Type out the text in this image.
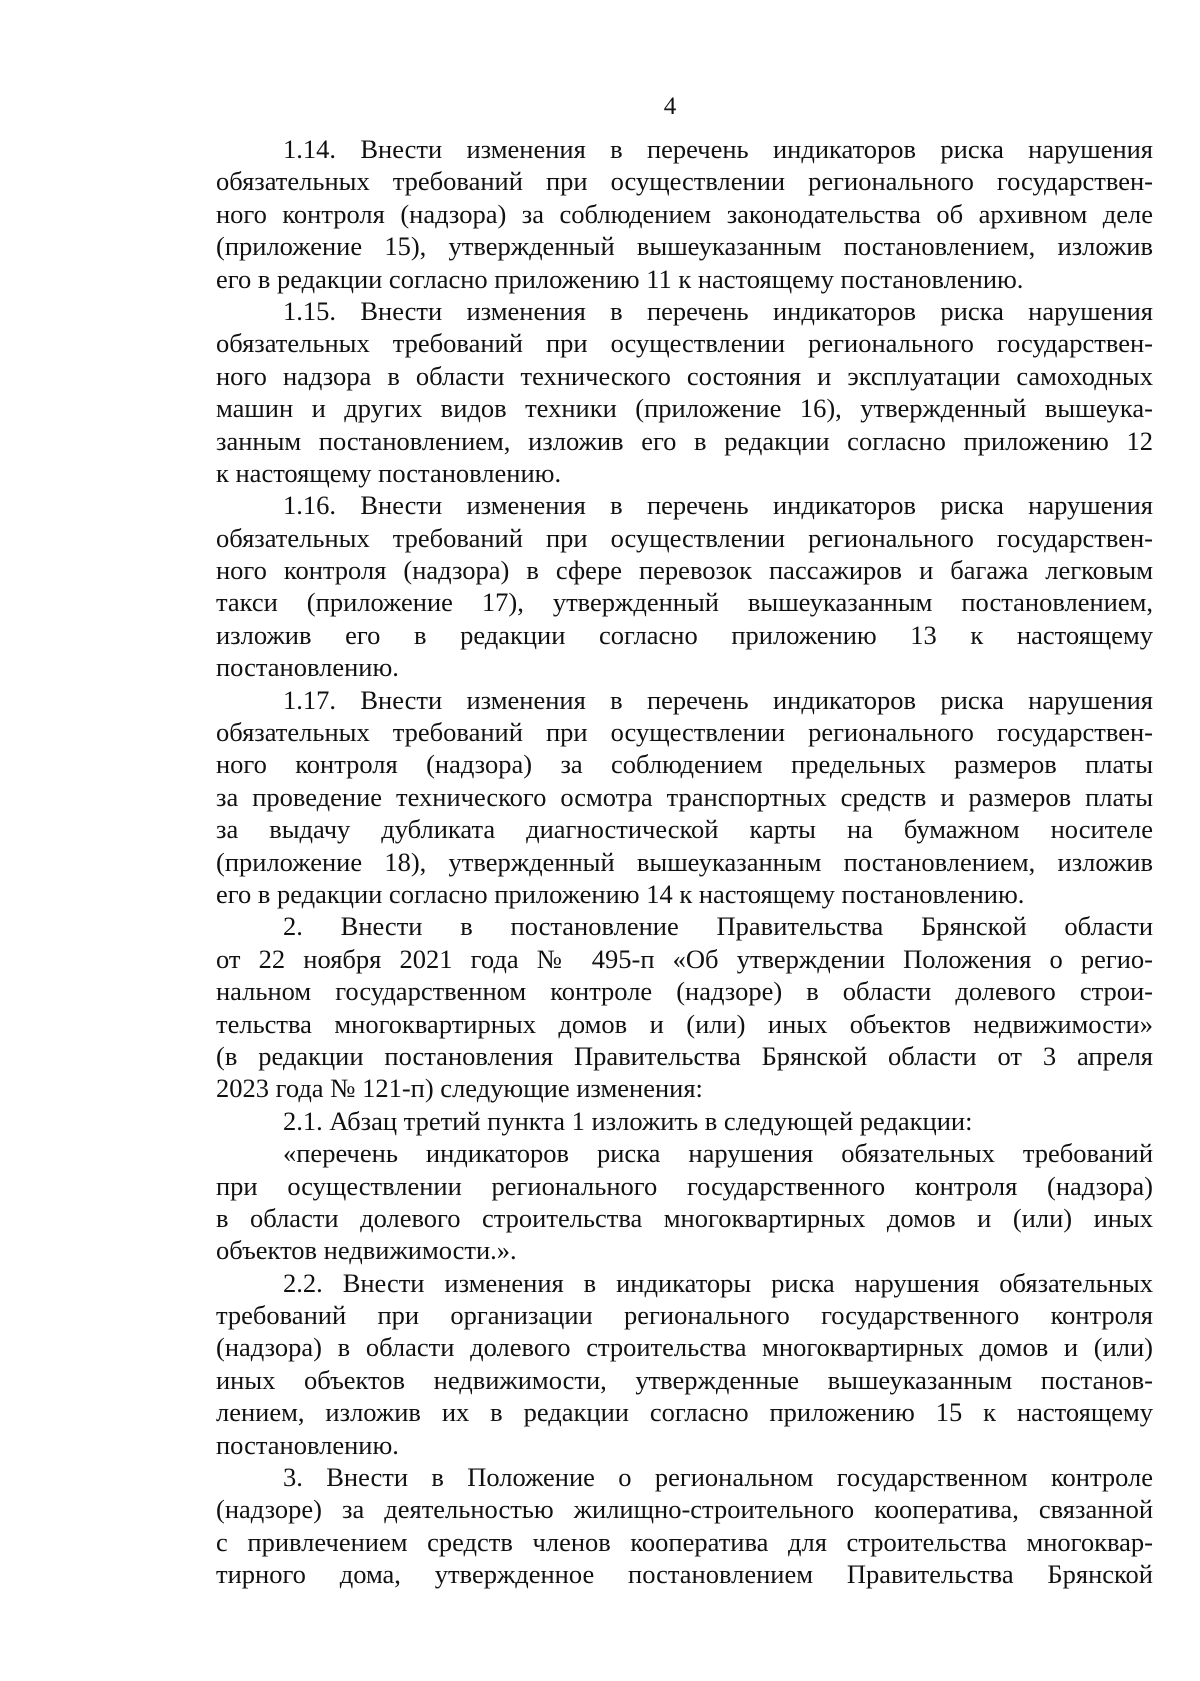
4
1.14. Внести изменения в перечень индикаторов риска нарушения
обязательных требований при осуществлении регионального государствен-
ного контроля (надзора) за соблюдением законодательства об архивном деле
(приложение 15), утвержденный вышеуказанным постановлением, изложив
его в редакции согласно приложению 11 к настоящему постановлению.
1.15. Внести изменения в перечень индикаторов риска нарушения
обязательных требований при осуществлении регионального государствен-
ного надзора в области технического состояния и эксплуатации самоходных
машин и других видов техники (приложение 16), утвержденный вышеука-
занным постановлением, изложив его в редакции согласно приложению 12
к настоящему постановлению.
1.16. Внести изменения в перечень индикаторов риска нарушения
обязательных требований при осуществлении регионального государствен-
ного контроля (надзора) в сфере перевозок пассажиров и багажа легковым
такси (приложение 17), утвержденный вышеуказанным постановлением,
изложив его в редакции согласно приложению 13 к настоящему
постановлению.
1.17. Внести изменения в перечень индикаторов риска нарушения
обязательных требований при осуществлении регионального государствен-
ного контроля (надзора) за соблюдением предельных размеров платы
за проведение технического осмотра транспортных средств и размеров платы
за выдачу дубликата диагностической карты на бумажном носителе
(приложение 18), утвержденный вышеуказанным постановлением, изложив
его в редакции согласно приложению 14 к настоящему постановлению.
2. Внести в постановление Правительства Брянской области
от 22 ноября 2021 года № 495-п «Об утверждении Положения о регио-
нальном государственном контроле (надзоре) в области долевого строи-
тельства многоквартирных домов и (или) иных объектов недвижимости»
(в редакции постановления Правительства Брянской области от 3 апреля
2023 года № 121-п) следующие изменения:
2.1. Абзац третий пункта 1 изложить в следующей редакции:
«перечень индикаторов риска нарушения обязательных требований
при осуществлении регионального государственного контроля (надзора)
в области долевого строительства многоквартирных домов и (или) иных
объектов недвижимости.».
2.2. Внести изменения в индикаторы риска нарушения обязательных
требований при организации регионального государственного контроля
(надзора) в области долевого строительства многоквартирных домов и (или)
иных объектов недвижимости, утвержденные вышеуказанным постанов-
лением, изложив их в редакции согласно приложению 15 к настоящему
постановлению.
3. Внести в Положение о региональном государственном контроле
(надзоре) за деятельностью жилищно-строительного кооператива, связанной
с привлечением средств членов кооператива для строительства многоквар-
тирного дома, утвержденное постановлением Правительства Брянской
